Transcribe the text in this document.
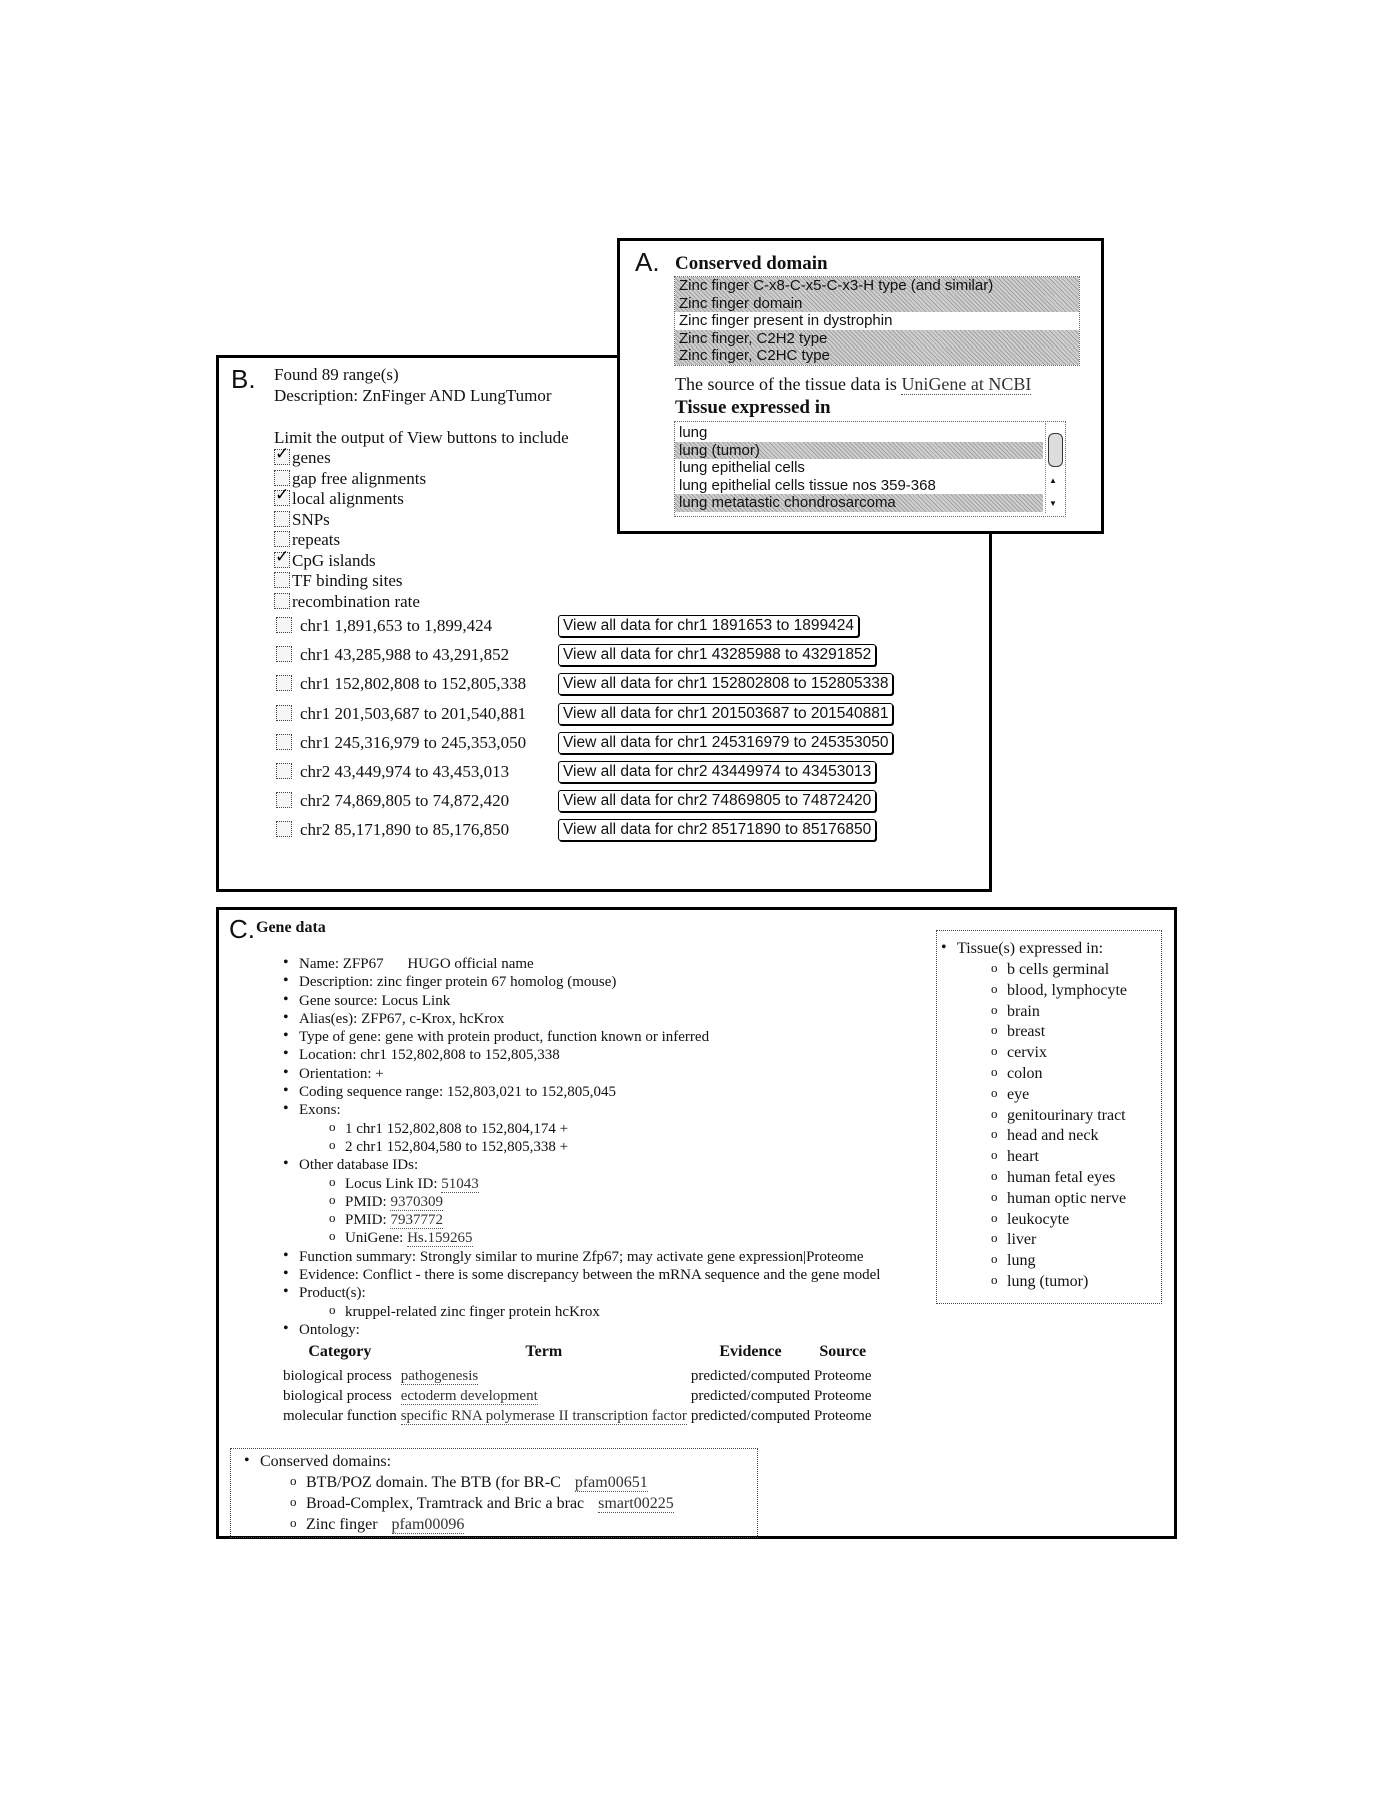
B. Found 89 range(s)
Description: ZnFinger AND LungTumor
Limit the output of View buttons to include
✓genes
gap free alignments
✓local alignments
SNPs
repeats
✓CpG islands
TF binding sites
recombination rate
chr1 1,891,653 to 1,899,424	View all data for chr1 1891653 to 1899424
chr1 43,285,988 to 43,291,852	View all data for chr1 43285988 to 43291852
chr1 152,802,808 to 152,805,338	View all data for chr1 152802808 to 152805338
chr1 201,503,687 to 201,540,881	View all data for chr1 201503687 to 201540881
chr1 245,316,979 to 245,353,050	View all data for chr1 245316979 to 245353050
chr2 43,449,974 to 43,453,013	View all data for chr2 43449974 to 43453013
chr2 74,869,805 to 74,872,420	View all data for chr2 74869805 to 74872420
chr2 85,171,890 to 85,176,850	View all data for chr2 85171890 to 85176850
A. Conserved domain
Zinc finger C-x8-C-x5-C-x3-H type (and similar)
Zinc finger domain
Zinc finger present in dystrophin
Zinc finger, C2H2 type
Zinc finger, C2HC type
The source of the tissue data is UniGene at NCBI
Tissue expressed in
lung
lung (tumor)
lung epithelial cells
lung epithelial cells tissue nos 359-368
lung metatastic chondrosarcoma
▲
▼
C. Gene data
• Name: ZFP67 HUGO official name
• Description: zinc finger protein 67 homolog (mouse)
• Gene source: Locus Link
• Alias(es): ZFP67, c-Krox, hcKrox
• Type of gene: gene with protein product, function known or inferred
• Location: chr1 152,802,808 to 152,805,338
• Orientation: +
• Coding sequence range: 152,803,021 to 152,805,045
• Exons:
o 1 chr1 152,802,808 to 152,804,174 +
o 2 chr1 152,804,580 to 152,805,338 +
• Other database IDs:
o Locus Link ID: 51043
o PMID: 9370309
o PMID: 7937772
o UniGene: Hs.159265
• Function summary: Strongly similar to murine Zfp67; may activate gene expression|Proteome
• Evidence: Conflict - there is some discrepancy between the mRNA sequence and the gene model
• Product(s):
o kruppel-related zinc finger protein hcKrox
• Ontology:
Category	Term	Evidence	Source
biological process	pathogenesis	predicted/computed	Proteome
biological process	ectoderm development	predicted/computed	Proteome
molecular function	specific RNA polymerase II transcription factor	predicted/computed	Proteome
• Tissue(s) expressed in:
o b cells germinal
o blood, lymphocyte
o brain
o breast
o cervix
o colon
o eye
o genitourinary tract
o head and neck
o heart
o human fetal eyes
o human optic nerve
o leukocyte
o liver
o lung
o lung (tumor)
• Conserved domains:
o BTB/POZ domain. The BTB (for BR-C pfam00651
o Broad-Complex, Tramtrack and Bric a brac smart00225
o Zinc finger pfam00096
